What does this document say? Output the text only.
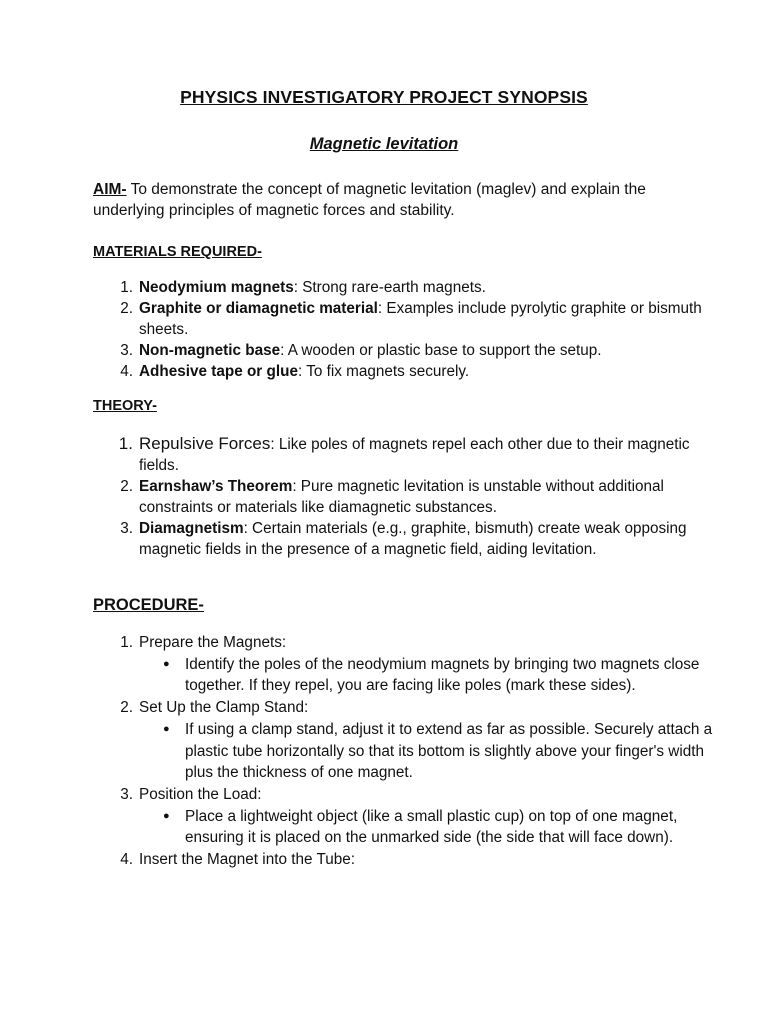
PHYSICS INVESTIGATORY PROJECT SYNOPSIS
Magnetic levitation
AIM- To demonstrate the concept of magnetic levitation (maglev) and explain the underlying principles of magnetic forces and stability.
MATERIALS REQUIRED-
Neodymium magnets: Strong rare-earth magnets.
Graphite or diamagnetic material: Examples include pyrolytic graphite or bismuth sheets.
Non-magnetic base: A wooden or plastic base to support the setup.
Adhesive tape or glue: To fix magnets securely.
THEORY-
Repulsive Forces: Like poles of magnets repel each other due to their magnetic fields.
Earnshaw’s Theorem: Pure magnetic levitation is unstable without additional constraints or materials like diamagnetic substances.
Diamagnetism: Certain materials (e.g., graphite, bismuth) create weak opposing magnetic fields in the presence of a magnetic field, aiding levitation.
PROCEDURE-
Prepare the Magnets:
● Identify the poles of the neodymium magnets by bringing two magnets close together. If they repel, you are facing like poles (mark these sides).
Set Up the Clamp Stand:
● If using a clamp stand, adjust it to extend as far as possible. Securely attach a plastic tube horizontally so that its bottom is slightly above your finger's width plus the thickness of one magnet.
Position the Load:
● Place a lightweight object (like a small plastic cup) on top of one magnet, ensuring it is placed on the unmarked side (the side that will face down).
Insert the Magnet into the Tube:
